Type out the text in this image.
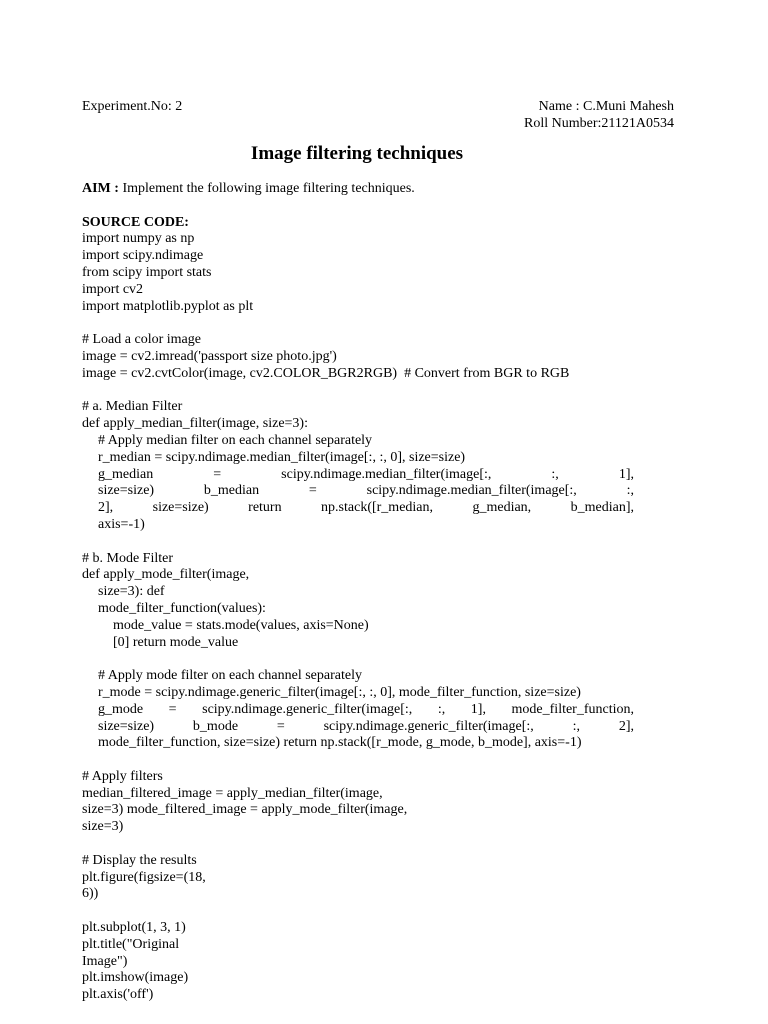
Experiment.No: 2	Name : C.Muni Mahesh
Roll Number:21121A0534
Image filtering techniques
AIM : Implement the following image filtering techniques.
SOURCE CODE:
import numpy as np
import scipy.ndimage
from scipy import stats
import cv2
import matplotlib.pyplot as plt
# Load a color image
image = cv2.imread('passport size photo.jpg')
image = cv2.cvtColor(image, cv2.COLOR_BGR2RGB)  # Convert from BGR to RGB
# a. Median Filter
def apply_median_filter(image, size=3):
# Apply median filter on each channel separately
r_median = scipy.ndimage.median_filter(image[:, :, 0], size=size)
g_median = scipy.ndimage.median_filter(image[:, :, 1],
size=size) b_median = scipy.ndimage.median_filter(image[:, :,
2], size=size) return np.stack([r_median, g_median, b_median],
axis=-1)
# b. Mode Filter
def apply_mode_filter(image,
size=3): def
mode_filter_function(values):
mode_value = stats.mode(values, axis=None)
[0] return mode_value
# Apply mode filter on each channel separately
r_mode = scipy.ndimage.generic_filter(image[:, :, 0], mode_filter_function, size=size)
g_mode = scipy.ndimage.generic_filter(image[:, :, 1], mode_filter_function,
size=size) b_mode = scipy.ndimage.generic_filter(image[:, :, 2],
mode_filter_function, size=size) return np.stack([r_mode, g_mode, b_mode], axis=-1)
# Apply filters
median_filtered_image = apply_median_filter(image,
size=3) mode_filtered_image = apply_mode_filter(image,
size=3)
# Display the results
plt.figure(figsize=(18,
6))
plt.subplot(1, 3, 1)
plt.title("Original
Image")
plt.imshow(image)
plt.axis('off')
